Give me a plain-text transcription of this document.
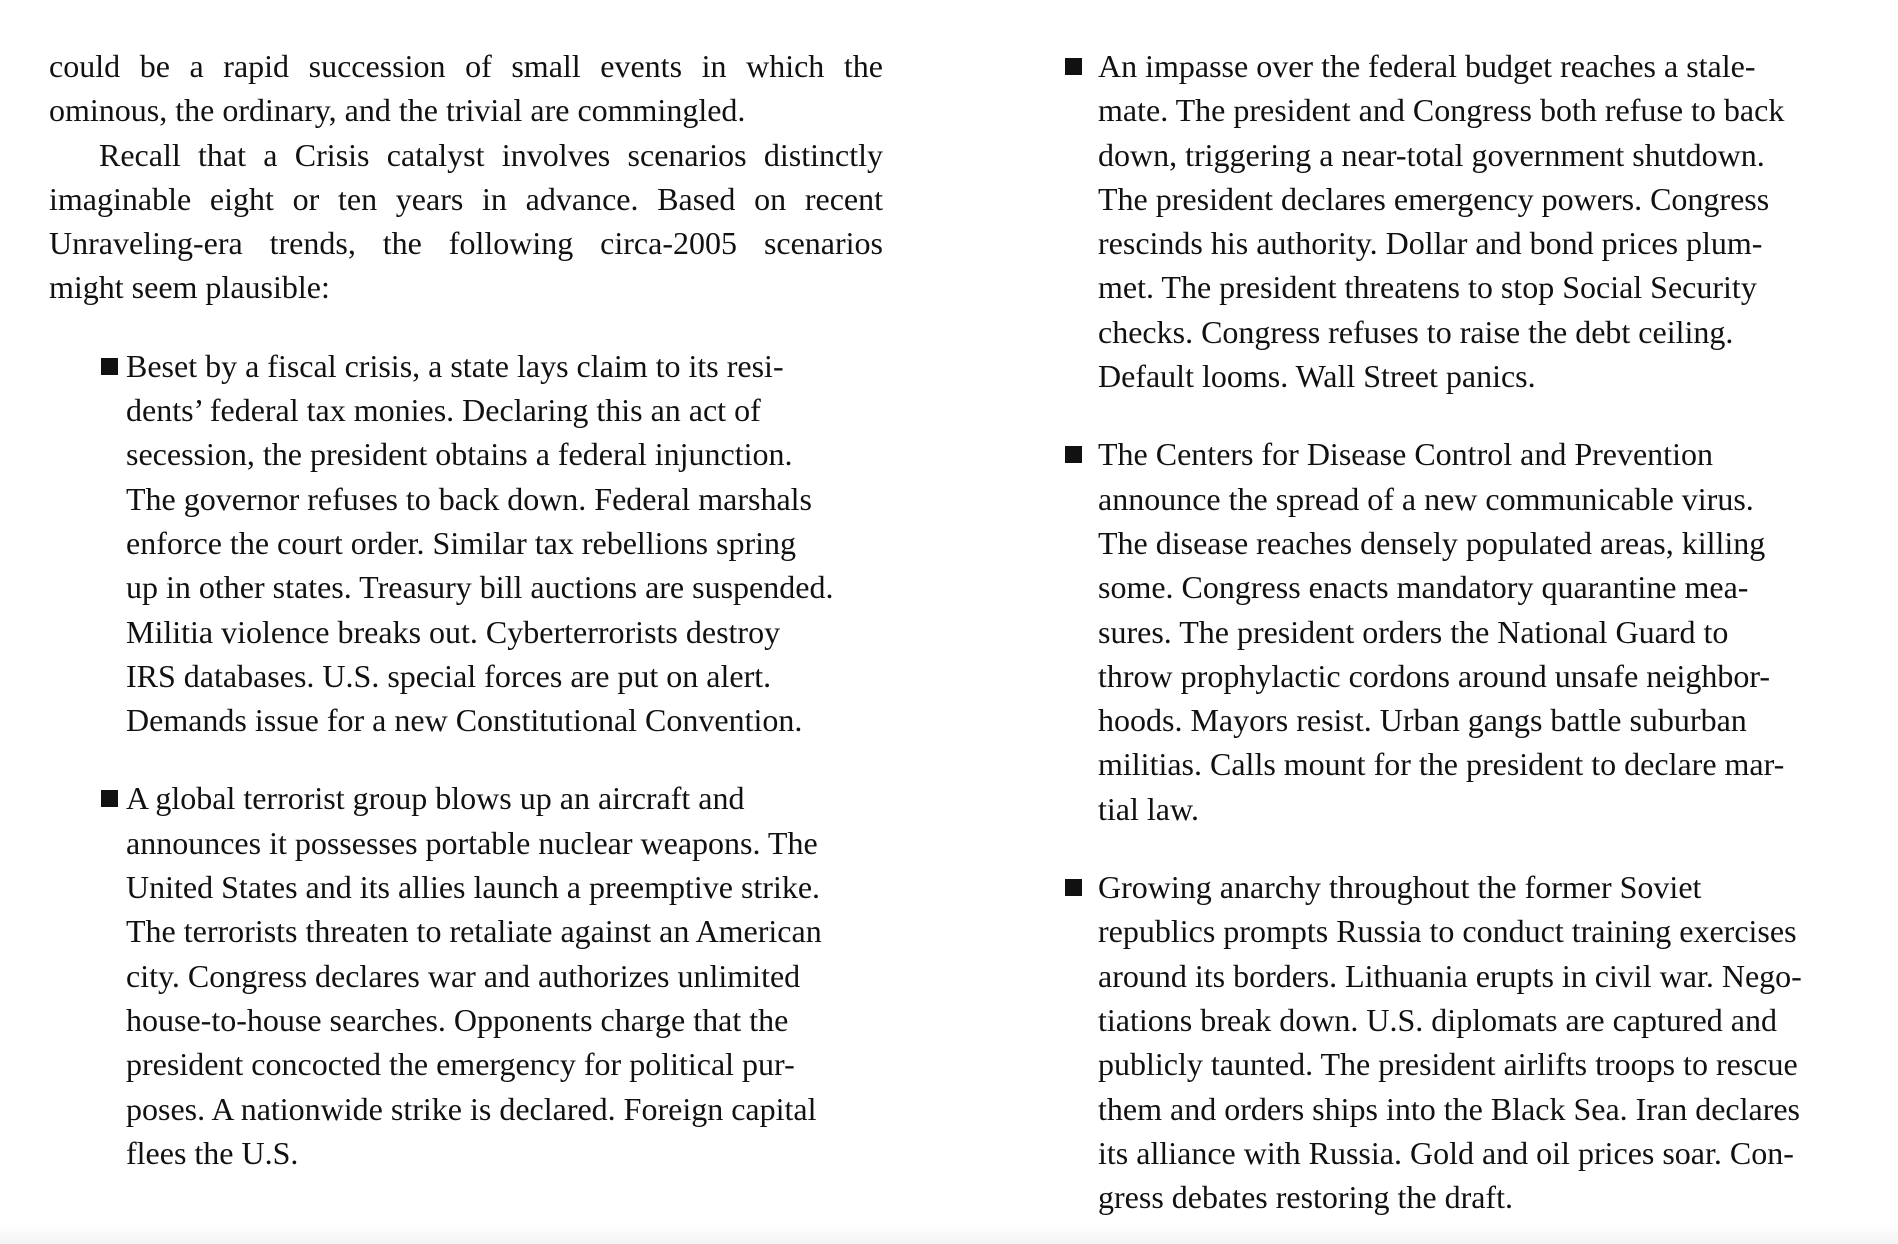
could be a rapid succession of small events in which the
ominous, the ordinary, and the trivial are commingled.
Recall that a Crisis catalyst involves scenarios distinctly
imaginable eight or ten years in advance. Based on recent
Unraveling-era trends, the following circa-2005 scenarios
might seem plausible:
Beset by a fiscal crisis, a state lays claim to its resi-
dents’ federal tax monies. Declaring this an act of
secession, the president obtains a federal injunction.
The governor refuses to back down. Federal marshals
enforce the court order. Similar tax rebellions spring
up in other states. Treasury bill auctions are suspended.
Militia violence breaks out. Cyberterrorists destroy
IRS databases. U.S. special forces are put on alert.
Demands issue for a new Constitutional Convention.
A global terrorist group blows up an aircraft and
announces it possesses portable nuclear weapons. The
United States and its allies launch a preemptive strike.
The terrorists threaten to retaliate against an American
city. Congress declares war and authorizes unlimited
house-to-house searches. Opponents charge that the
president concocted the emergency for political pur-
poses. A nationwide strike is declared. Foreign capital
flees the U.S.
An impasse over the federal budget reaches a stale-
mate. The president and Congress both refuse to back
down, triggering a near-total government shutdown.
The president declares emergency powers. Congress
rescinds his authority. Dollar and bond prices plum-
met. The president threatens to stop Social Security
checks. Congress refuses to raise the debt ceiling.
Default looms. Wall Street panics.
The Centers for Disease Control and Prevention
announce the spread of a new communicable virus.
The disease reaches densely populated areas, killing
some. Congress enacts mandatory quarantine mea-
sures. The president orders the National Guard to
throw prophylactic cordons around unsafe neighbor-
hoods. Mayors resist. Urban gangs battle suburban
militias. Calls mount for the president to declare mar-
tial law.
Growing anarchy throughout the former Soviet
republics prompts Russia to conduct training exercises
around its borders. Lithuania erupts in civil war. Nego-
tiations break down. U.S. diplomats are captured and
publicly taunted. The president airlifts troops to rescue
them and orders ships into the Black Sea. Iran declares
its alliance with Russia. Gold and oil prices soar. Con-
gress debates restoring the draft.
